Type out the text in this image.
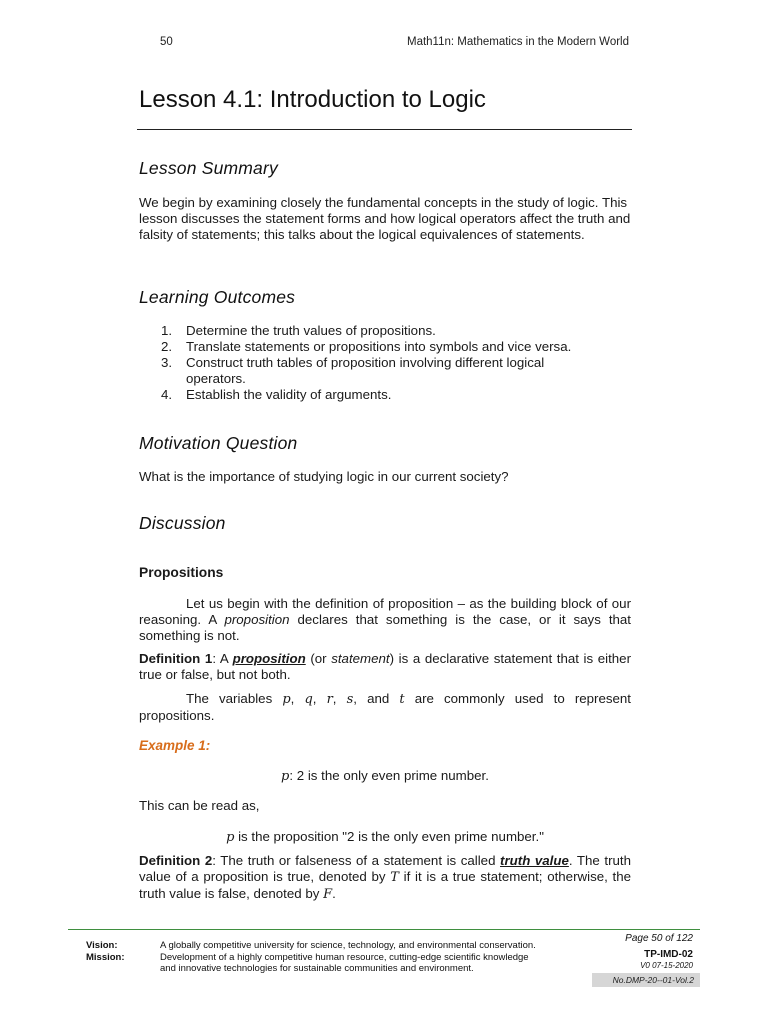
50	Math11n: Mathematics in the Modern World
Lesson 4.1: Introduction to Logic
Lesson Summary
We begin by examining closely the fundamental concepts in the study of logic. This lesson discusses the statement forms and how logical operators affect the truth and falsity of statements; this talks about the logical equivalences of statements.
Learning Outcomes
1. Determine the truth values of propositions.
2. Translate statements or propositions into symbols and vice versa.
3. Construct truth tables of proposition involving different logical operators.
4. Establish the validity of arguments.
Motivation Question
What is the importance of studying logic in our current society?
Discussion
Propositions
Let us begin with the definition of proposition – as the building block of our reasoning. A proposition declares that something is the case, or it says that something is not.
Definition 1: A proposition (or statement) is a declarative statement that is either true or false, but not both.
The variables p, q, r, s, and t are commonly used to represent propositions.
Example 1:
p: 2 is the only even prime number.
This can be read as,
p is the proposition "2 is the only even prime number."
Definition 2: The truth or falseness of a statement is called truth value. The truth value of a proposition is true, denoted by T if it is a true statement; otherwise, the truth value is false, denoted by F.
Vision:
Mission:
A globally competitive university for science, technology, and environmental conservation.
Development of a highly competitive human resource, cutting-edge scientific knowledge
and innovative technologies for sustainable communities and environment.
Page 50 of 122
TP-IMD-02
V0 07-15-2020
No.DMP-20--01-Vol.2
